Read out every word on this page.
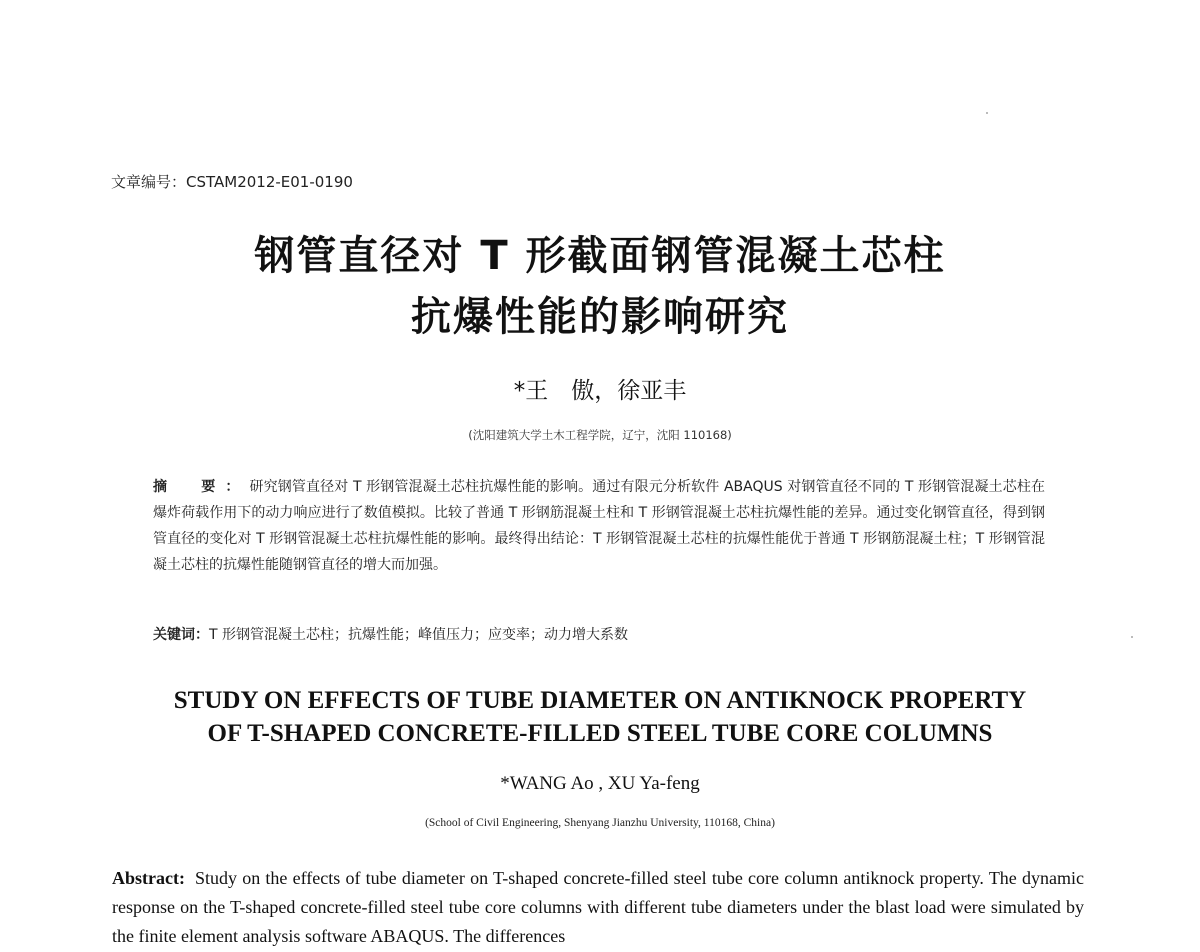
文章编号：CSTAM2012-E01-0190
钢管直径对 T 形截面钢管混凝土芯柱
抗爆性能的影响研究
*王　傲，徐亚丰
(沈阳建筑大学土木工程学院，辽宁，沈阳 110168)
摘　要：研究钢管直径对 T 形钢管混凝土芯柱抗爆性能的影响。通过有限元分析软件 ABAQUS 对钢管直径不同的 T 形钢管混凝土芯柱在爆炸荷载作用下的动力响应进行了数值模拟。比较了普通 T 形钢筋混凝土柱和 T 形钢管混凝土芯柱抗爆性能的差异。通过变化钢管直径，得到钢管直径的变化对 T 形钢管混凝土芯柱抗爆性能的影响。最终得出结论：T 形钢管混凝土芯柱的抗爆性能优于普通 T 形钢筋混凝土柱；T 形钢管混凝土芯柱的抗爆性能随钢管直径的增大而加强。
关键词：T 形钢管混凝土芯柱；抗爆性能；峰值压力；应变率；动力增大系数
STUDY ON EFFECTS OF TUBE DIAMETER ON ANTIKNOCK PROPERTY
OF T-SHAPED CONCRETE-FILLED STEEL TUBE CORE COLUMNS
*WANG Ao , XU Ya-feng
(School of Civil Engineering, Shenyang Jianzhu University, 110168, China)
Abstract: Study on the effects of tube diameter on T-shaped concrete-filled steel tube core column antiknock property. The dynamic response on the T-shaped concrete-filled steel tube core columns with different tube diameters under the blast load were simulated by the finite element analysis software ABAQUS. The differences
